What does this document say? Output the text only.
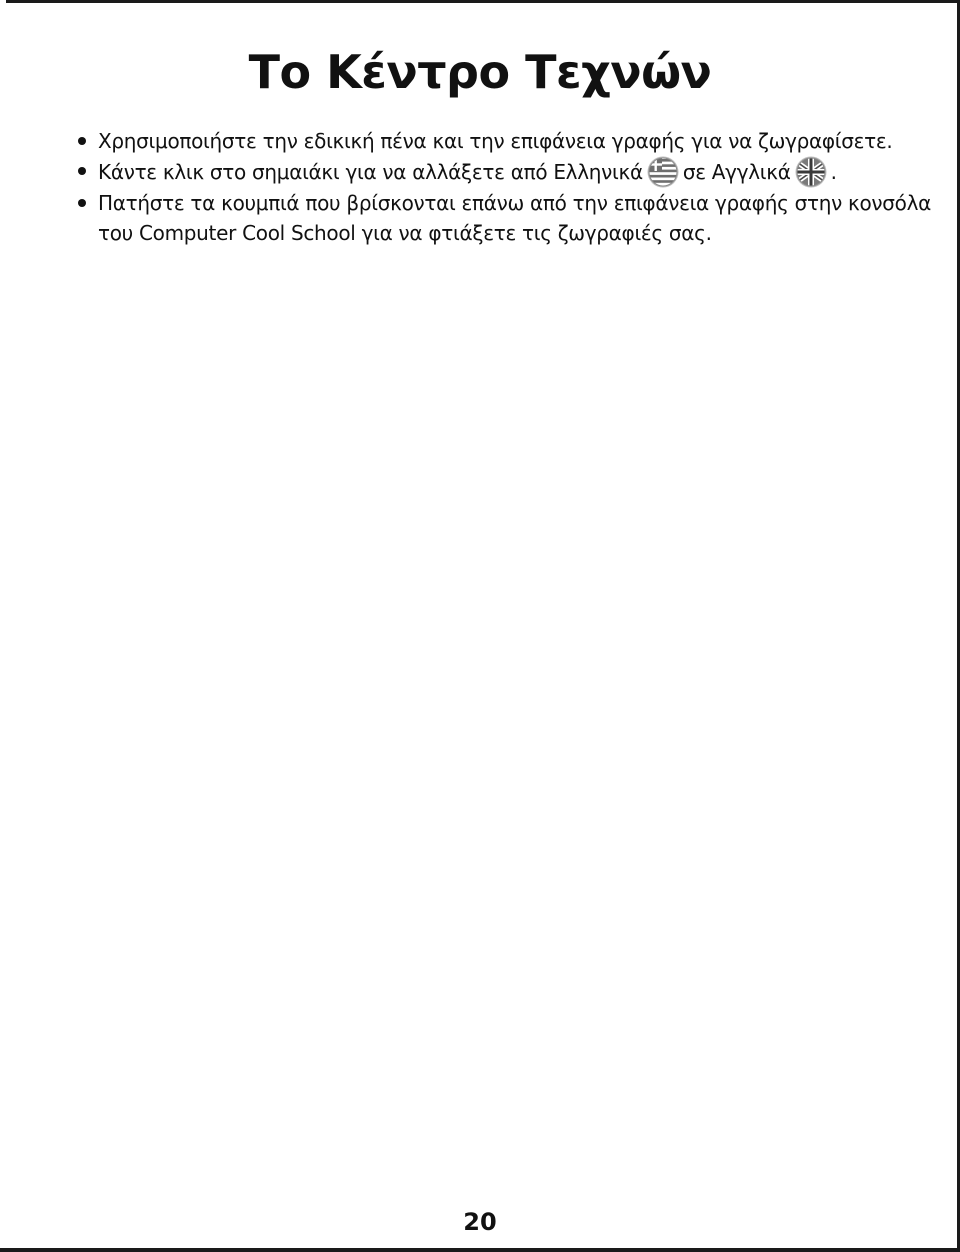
Το Κέντρο Τεχνών
Χρησιμοποιήστε την εδικική πένα και την επιφάνεια γραφής για να ζωγραφίσετε.
Κάντε κλικ στο σημαιάκι για να αλλάξετε από Ελληνικά σε Αγγλικά .
Πατήστε τα κουμπιά που βρίσκονται επάνω από την επιφάνεια γραφής στην κονσόλα του Computer Cool School για να φτιάξετε τις ζωγραφιές σας.
20
